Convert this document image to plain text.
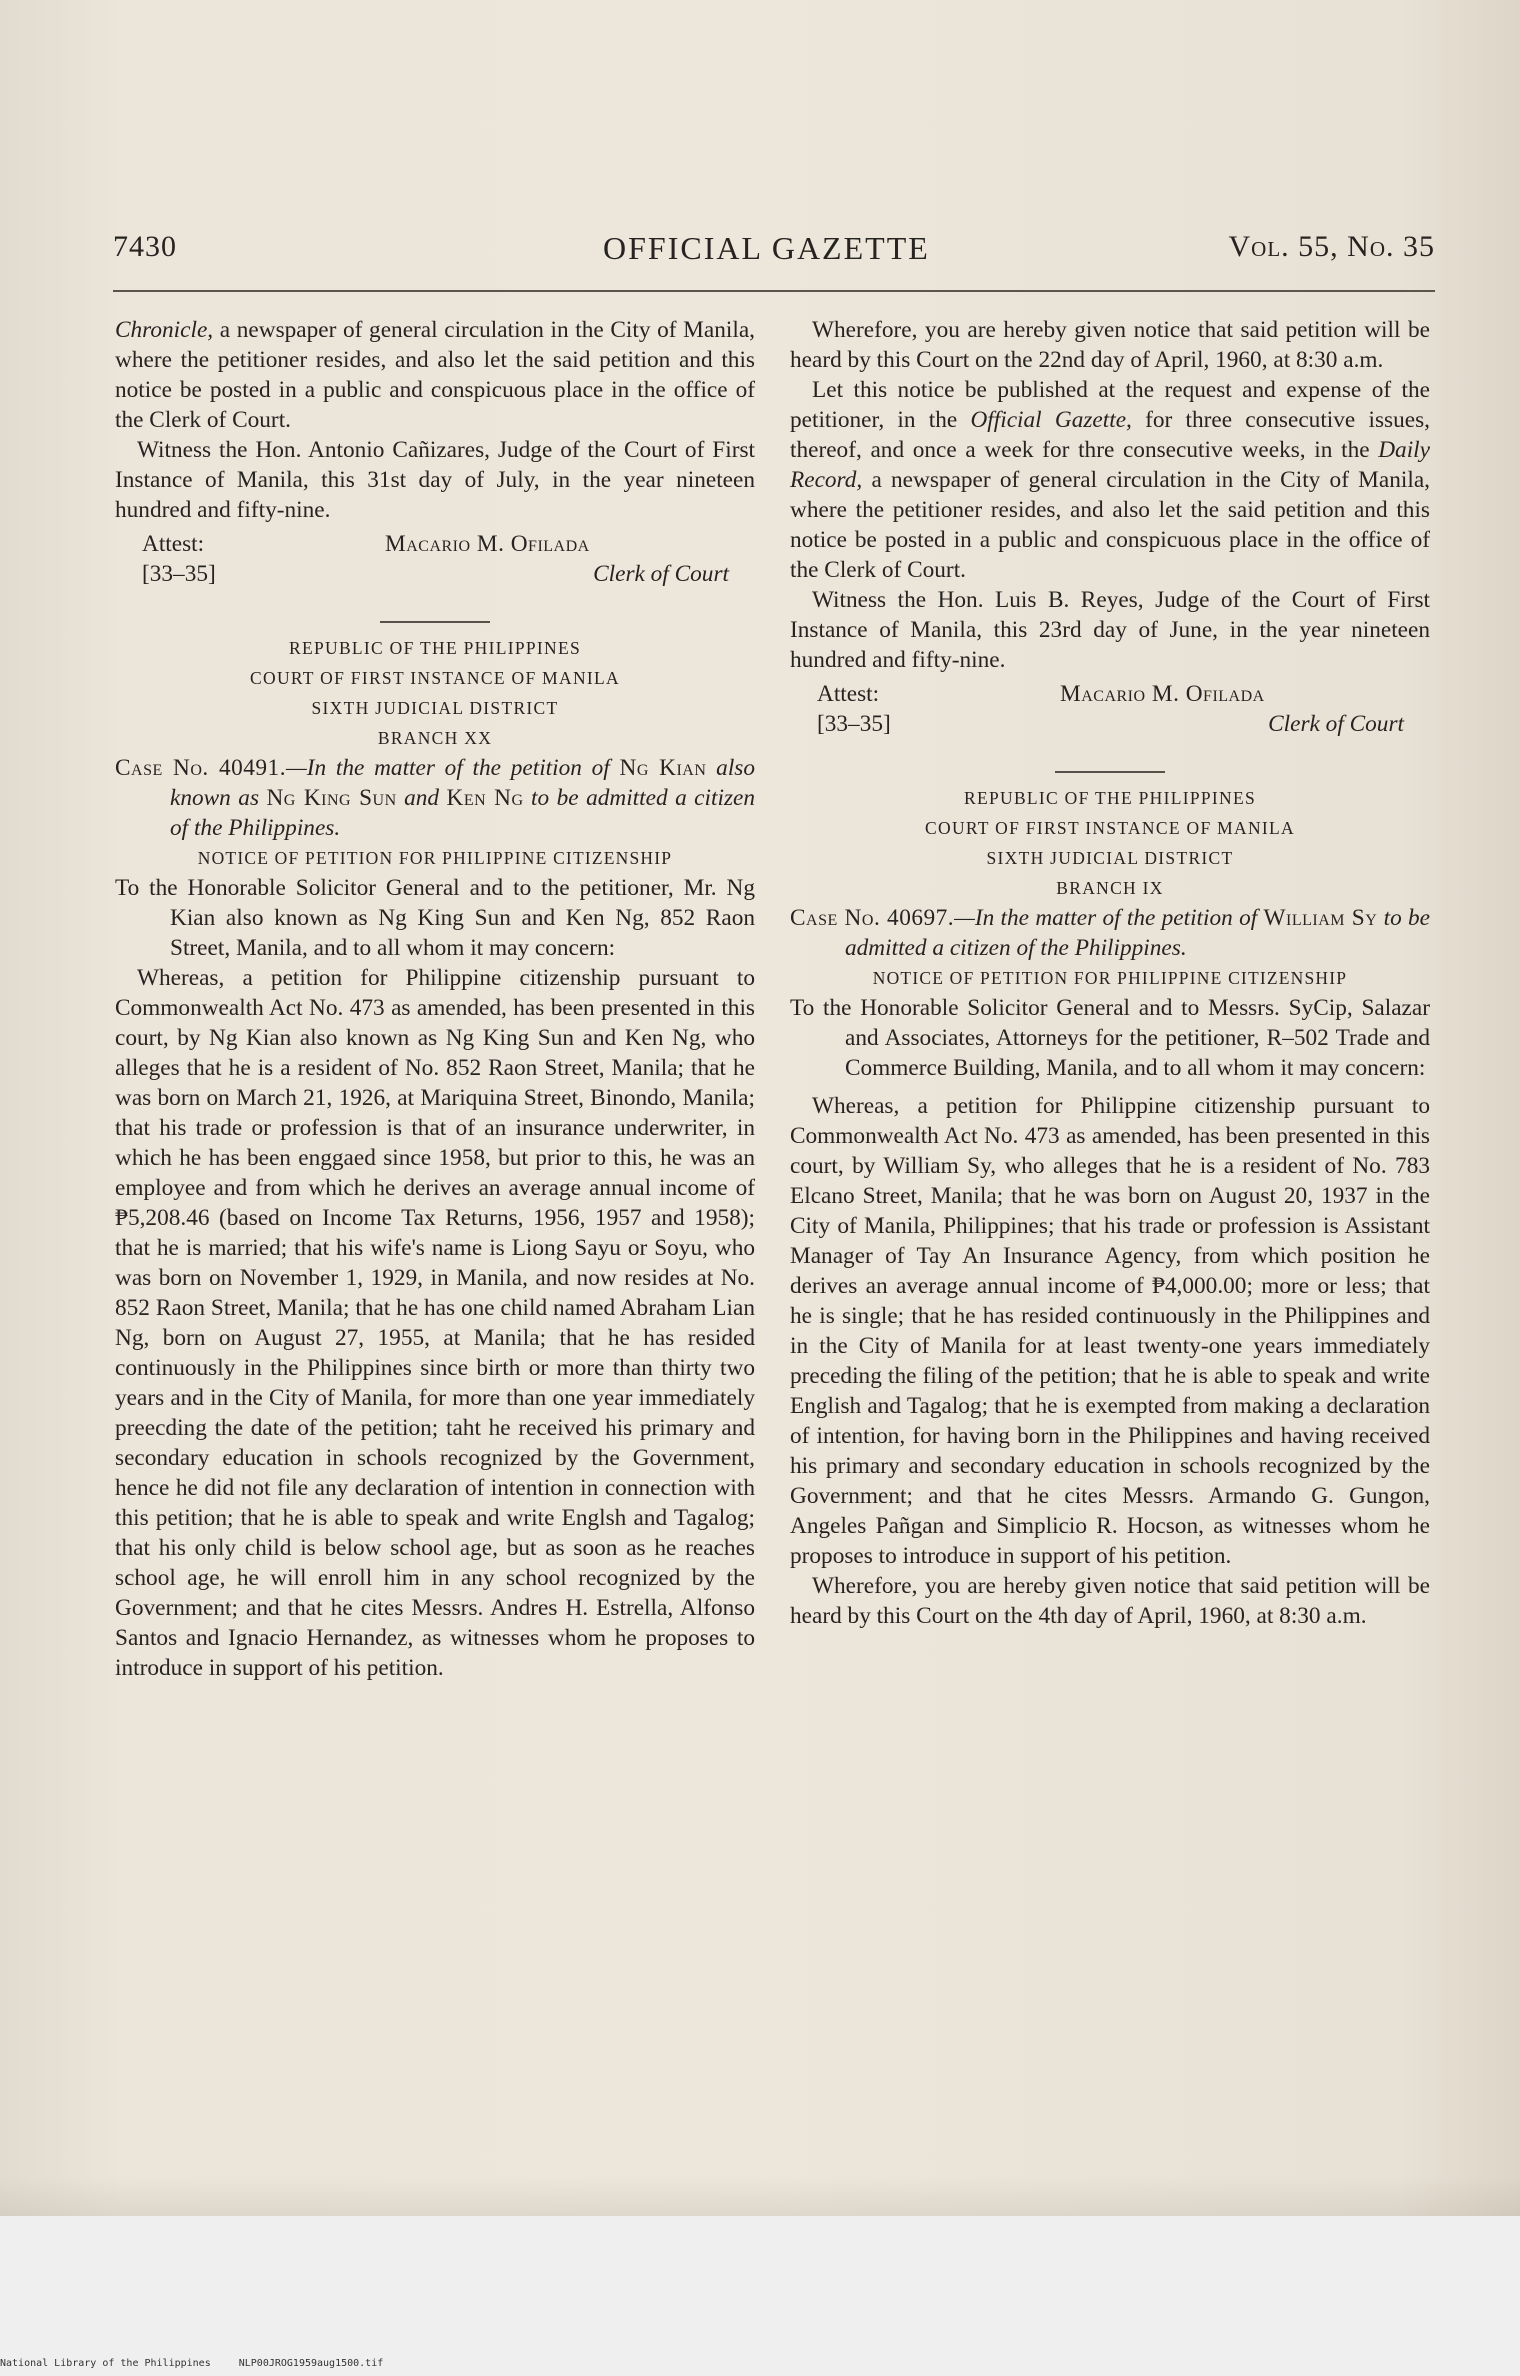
7430	OFFICIAL GAZETTE	Vol. 55, No. 35

Chronicle, a newspaper of general circulation in the City of Manila, where the petitioner resides, and also let the said petition and this notice be posted in a public and conspicuous place in the office of the Clerk of Court.

Witness the Hon. Antonio Cañizares, Judge of the Court of First Instance of Manila, this 31st day of July, in the year nineteen hundred and fifty-nine.

Attest:
[33–35]
Macario M. Ofilada
Clerk of Court

REPUBLIC OF THE PHILIPPINES

COURT OF FIRST INSTANCE OF MANILA

SIXTH JUDICIAL DISTRICT

BRANCH XX

Case No. 40491.—In the matter of the petition of Ng Kian also known as Ng King Sun and Ken Ng to be admitted a citizen of the Philippines.

NOTICE OF PETITION FOR PHILIPPINE CITIZENSHIP

To the Honorable Solicitor General and to the petitioner, Mr. Ng Kian also known as Ng King Sun and Ken Ng, 852 Raon Street, Manila, and to all whom it may concern:

Whereas, a petition for Philippine citizenship pursuant to Commonwealth Act No. 473 as amended, has been presented in this court, by Ng Kian also known as Ng King Sun and Ken Ng, who alleges that he is a resident of No. 852 Raon Street, Manila; that he was born on March 21, 1926, at Mariquina Street, Binondo, Manila; that his trade or profession is that of an insurance underwriter, in which he has been enggaed since 1958, but prior to this, he was an employee and from which he derives an average annual income of ₱5,208.46 (based on Income Tax Returns, 1956, 1957 and 1958); that he is married; that his wife's name is Liong Sayu or Soyu, who was born on November 1, 1929, in Manila, and now resides at No. 852 Raon Street, Manila; that he has one child named Abraham Lian Ng, born on August 27, 1955, at Manila; that he has resided continuously in the Philippines since birth or more than thirty two years and in the City of Manila, for more than one year immediately preecding the date of the petition; taht he received his primary and secondary education in schools recognized by the Government, hence he did not file any declaration of intention in connection with this petition; that he is able to speak and write Englsh and Tagalog; that his only child is below school age, but as soon as he reaches school age, he will enroll him in any school recognized by the Government; and that he cites Messrs. Andres H. Estrella, Alfonso Santos and Ignacio Hernandez, as witnesses whom he proposes to introduce in support of his petition.

Wherefore, you are hereby given notice that said petition will be heard by this Court on the 22nd day of April, 1960, at 8:30 a.m.

Let this notice be published at the request and expense of the petitioner, in the Official Gazette, for three consecutive issues, thereof, and once a week for thre consecutive weeks, in the Daily Record, a newspaper of general circulation in the City of Manila, where the petitioner resides, and also let the said petition and this notice be posted in a public and conspicuous place in the office of the Clerk of Court.

Witness the Hon. Luis B. Reyes, Judge of the Court of First Instance of Manila, this 23rd day of June, in the year nineteen hundred and fifty-nine.

Attest:
[33–35]
Macario M. Ofilada
Clerk of Court

REPUBLIC OF THE PHILIPPINES

COURT OF FIRST INSTANCE OF MANILA

SIXTH JUDICIAL DISTRICT

BRANCH IX

Case No. 40697.—In the matter of the petition of William Sy to be admitted a citizen of the Philippines.

NOTICE OF PETITION FOR PHILIPPINE CITIZENSHIP

To the Honorable Solicitor General and to Messrs. SyCip, Salazar and Associates, Attorneys for the petitioner, R–502 Trade and Commerce Building, Manila, and to all whom it may concern:

Whereas, a petition for Philippine citizenship pursuant to Commonwealth Act No. 473 as amended, has been presented in this court, by William Sy, who alleges that he is a resident of No. 783 Elcano Street, Manila; that he was born on August 20, 1937 in the City of Manila, Philippines; that his trade or profession is Assistant Manager of Tay An Insurance Agency, from which position he derives an average annual income of ₱4,000.00; more or less; that he is single; that he has resided continuously in the Philippines and in the City of Manila for at least twenty-one years immediately preceding the filing of the petition; that he is able to speak and write English and Tagalog; that he is exempted from making a declaration of intention, for having born in the Philippines and having received his primary and secondary education in schools recognized by the Government; and that he cites Messrs. Armando G. Gungon, Angeles Pañgan and Simplicio R. Hocson, as witnesses whom he proposes to introduce in support of his petition.

Wherefore, you are hereby given notice that said petition will be heard by this Court on the 4th day of April, 1960, at 8:30 a.m.

National Library of the Philippines	NLP00JROG1959aug1500.tif
